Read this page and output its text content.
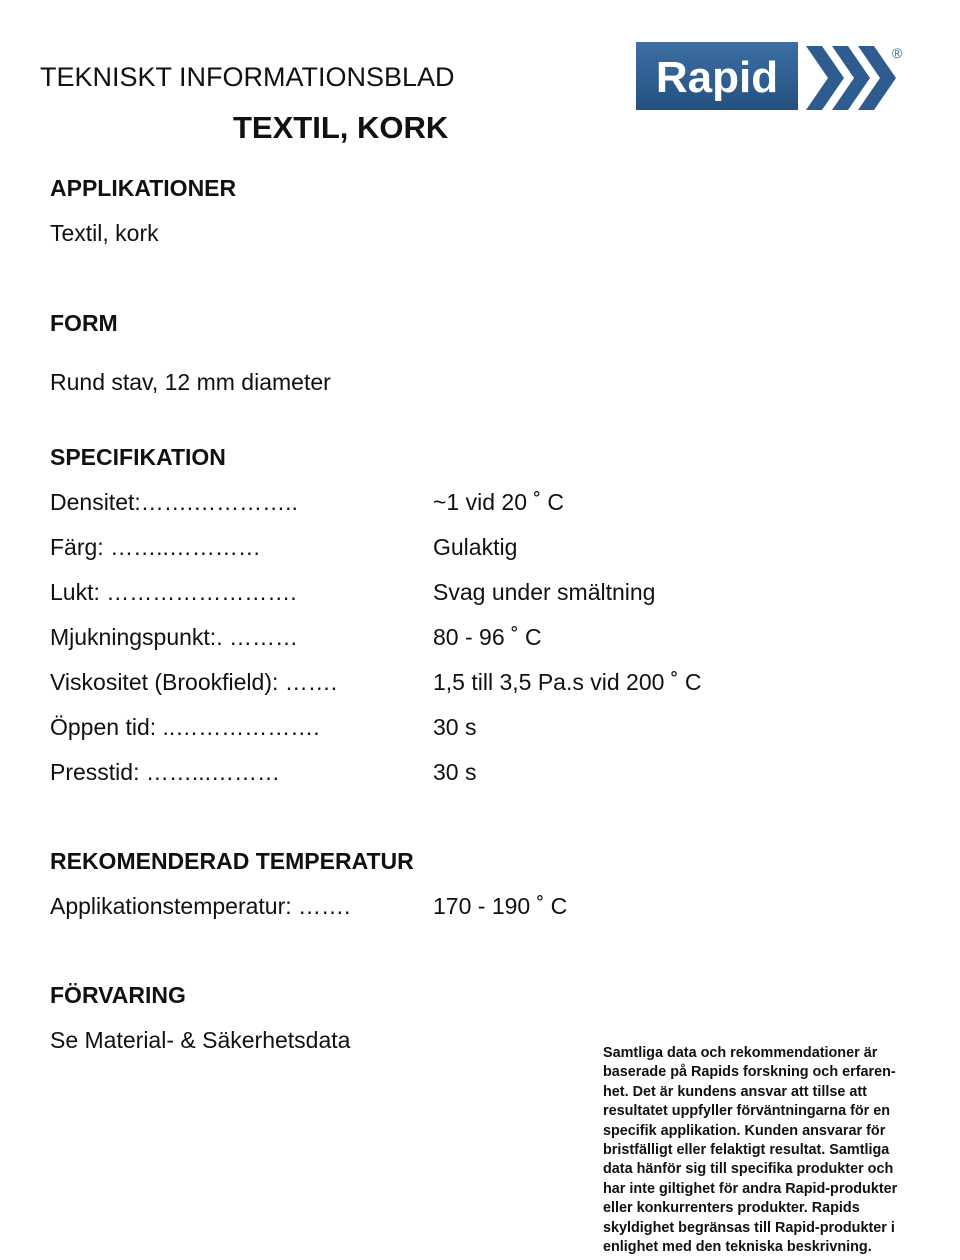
TEKNISKT INFORMATIONSBLAD
TEXTIL, KORK
Rapid	®
APPLIKATIONER
Textil, kork
FORM
Rund stav, 12 mm diameter
SPECIFIKATION
Densitet:…….…………..	~1 vid 20 ˚ C
Färg: ……..…………	Gulaktig
Lukt: …………………….	Svag under smältning
Mjukningspunkt:. ………	80 - 96 ˚ C
Viskositet (Brookfield): …….	1,5 till 3,5 Pa.s vid 200 ˚ C
Öppen tid: ..……………….	30 s
Presstid: ……...………	30 s
REKOMENDERAD TEMPERATUR
Applikationstemperatur: …….	170 - 190 ˚ C
FÖRVARING
Se Material- & Säkerhetsdata	Samtliga data och rekommendationer är
baserade på Rapids forskning och erfaren-
het. Det är kundens ansvar att tillse att
resultatet uppfyller förväntningarna för en
specifik applikation. Kunden ansvarar för
bristfälligt eller felaktigt resultat. Samtliga
data hänför sig till specifika produkter och
har inte giltighet för andra Rapid-produkter
eller konkurrenters produkter. Rapids
skyldighet begränsas till Rapid-produkter i
enlighet med den tekniska beskrivning.
